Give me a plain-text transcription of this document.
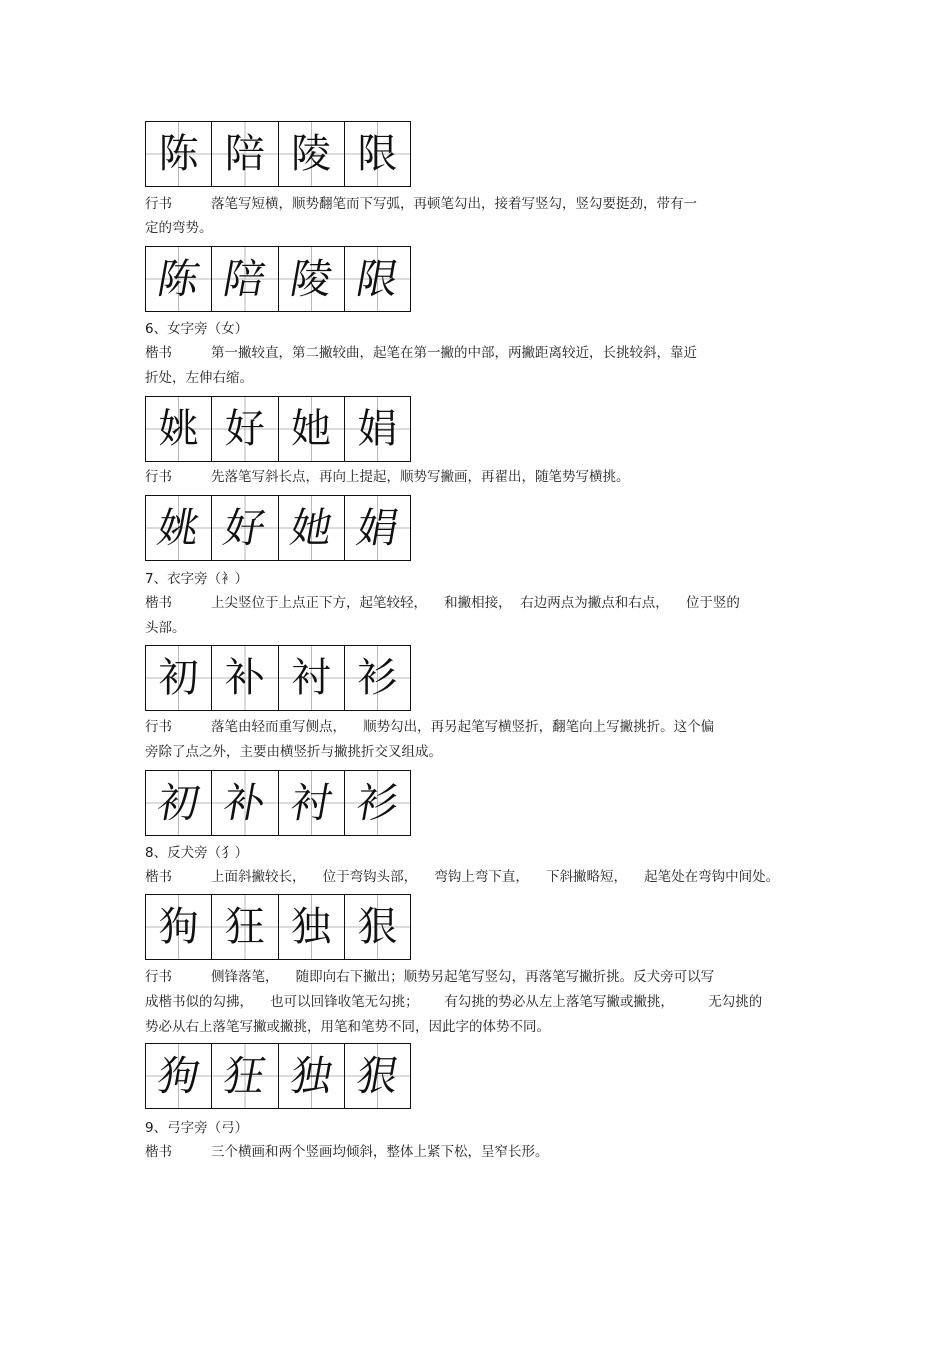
陈 陪 陵 限
行书	落笔写短横，顺势翻笔而下写弧，再顿笔勾出，接着写竖勾，竖勾要挺劲，带有一
定的弯势。
陈 陪 陵 限
6、女字旁（女）
楷书	第一撇较直，第二撇较曲，起笔在第一撇的中部，两撇距离较近，长挑较斜，靠近
折处，左伸右缩。
姚 好 她 娟
行书	先落笔写斜长点，再向上提起，顺势写撇画，再翟出，随笔势写横挑。
姚 好 她 娟
7、衣字旁（衤）
楷书	上尖竖位于上点正下方，起笔较轻，    和撇相接，  右边两点为撇点和右点，    位于竖的
头部。
初 补 衬 衫
行书	落笔由轻而重写侧点，    顺势勾出，再另起笔写横竖折，翻笔向上写撇挑折。这个偏
旁除了点之外，主要由横竖折与撇挑折交叉组成。
初 补 衬 衫
8、反犬旁（犭）
楷书	上面斜撇较长，    位于弯钩头部，    弯钩上弯下直，    下斜撇略短，    起笔处在弯钩中间处。
狗 狂 独 狠
行书	侧锋落笔，    随即向右下撇出；顺势另起笔写竖勾，再落笔写撇折挑。反犬旁可以写
成楷书似的勾拂，    也可以回锋收笔无勾挑；      有勾挑的势必从左上落笔写撇或撇挑，        无勾挑的
势必从右上落笔写撇或撇挑，用笔和笔势不同，因此字的体势不同。
狗 狂 独 狠
9、弓字旁（弓）
楷书	三个横画和两个竖画均倾斜，整体上紧下松，呈窄长形。
